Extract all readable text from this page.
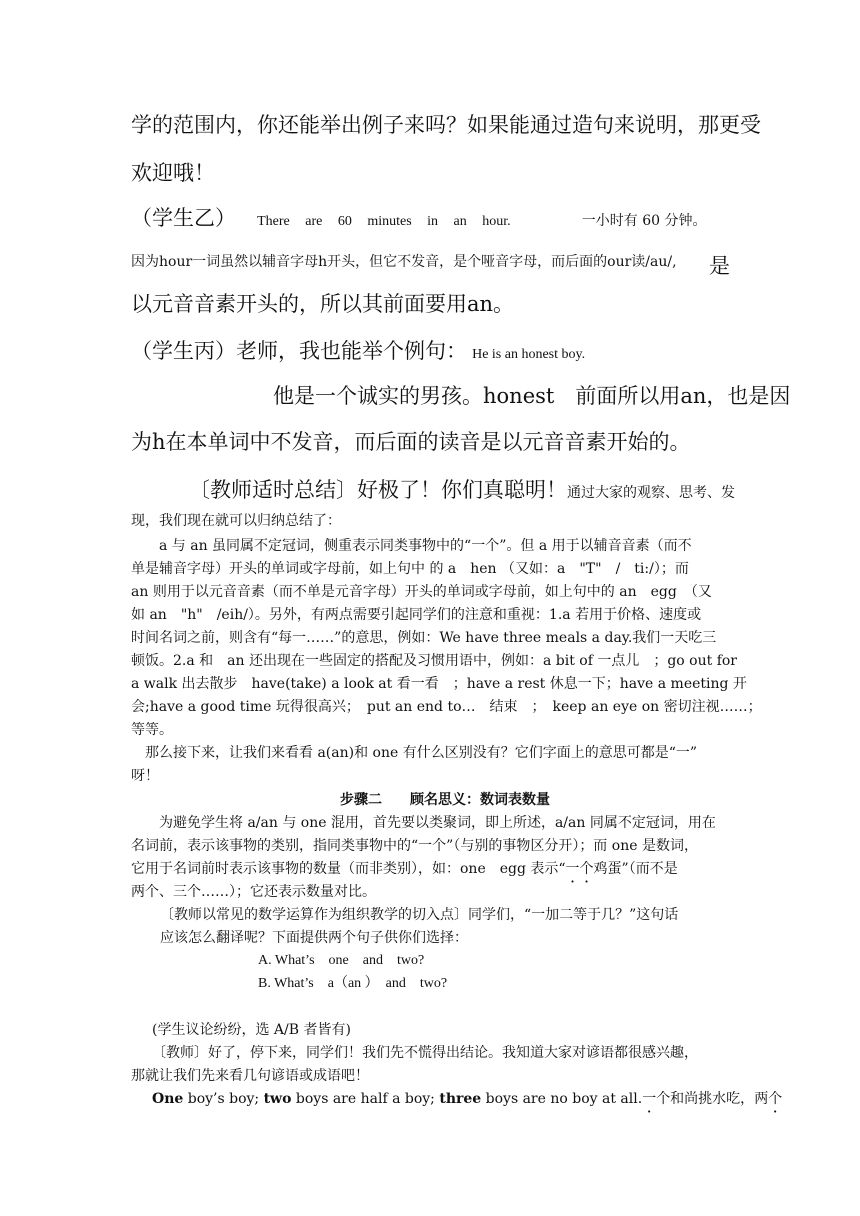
学的范围内，你还能举出例子来吗？如果能通过造句来说明，那更受
欢迎哦！
（学生乙） There are 60 minutes in an hour.	一小时有 60 分钟。
因为hour一词虽然以辅音字母h开头，但它不发音，是个哑音字母，而后面的our读/au/, 是
以元音音素开头的，所以其前面要用an。
（学生丙）老师，我也能举个例句： He is an honest boy.
他是一个诚实的男孩。honest　前面所以用an，也是因
为h在本单词中不发音，而后面的读音是以元音音素开始的。
〔教师适时总结〕好极了！你们真聪明！通过大家的观察、思考、发
现，我们现在就可以归纳总结了：
　　a 与 an 虽同属不定冠词，侧重表示同类事物中的“一个”。但 a 用于以辅音音素（而不
单是辅音字母）开头的单词或字母前，如上句中 的 a　hen （又如：a　"T"　/　ti:/）；而
an 则用于以元音音素（而不单是元音字母）开头的单词或字母前，如上句中的 an　egg　（又
如 an　"h"　/eih/）。另外，有两点需要引起同学们的注意和重视：1.a 若用于价格、速度或
时间名词之前，则含有“每一……”的意思，例如：We have three meals a day.我们一天吃三
顿饭。2.a 和　an 还出现在一些固定的搭配及习惯用语中，例如：a bit of 一点儿　；go out for
a walk 出去散步　have(take) a look at 看一看　；have a rest 休息一下；have a meeting 开
会;have a good time 玩得很高兴；　put an end to…　结束　；　keep an eye on 密切注视……；
等等。
　那么接下来，让我们来看看 a(an)和 one 有什么区别没有？它们字面上的意思可都是“一”
呀！
步骤二　　顾名思义：数词表数量
　　为避免学生将 a/an 与 one 混用，首先要以类聚词，即上所述，a/an 同属不定冠词，用在
名词前，表示该事物的类别，指同类事物中的“一个”（与别的事物区分开）；而 one 是数词，
它用于名词前时表示该事物的数量（而非类别），如：one　egg 表示“一个鸡蛋”（而不是
两个、三个……）；它还表示数量对比。
〔教师以常见的数学运算作为组织教学的切入点〕同学们，“一加二等于几？”这句话
应该怎么翻译呢？下面提供两个句子供你们选择：
A. What’s　one　and　two?
B. What’s　a（an ）　and　two?
(学生议论纷纷，选 A/B 者皆有)
〔教师〕好了，停下来，同学们！我们先不慌得出结论。我知道大家对谚语都很感兴趣，
那就让我们先来看几句谚语或成语吧！
One boy’s boy; two boys are half a boy; three boys are no boy at all.一个和尚挑水吃，两个
